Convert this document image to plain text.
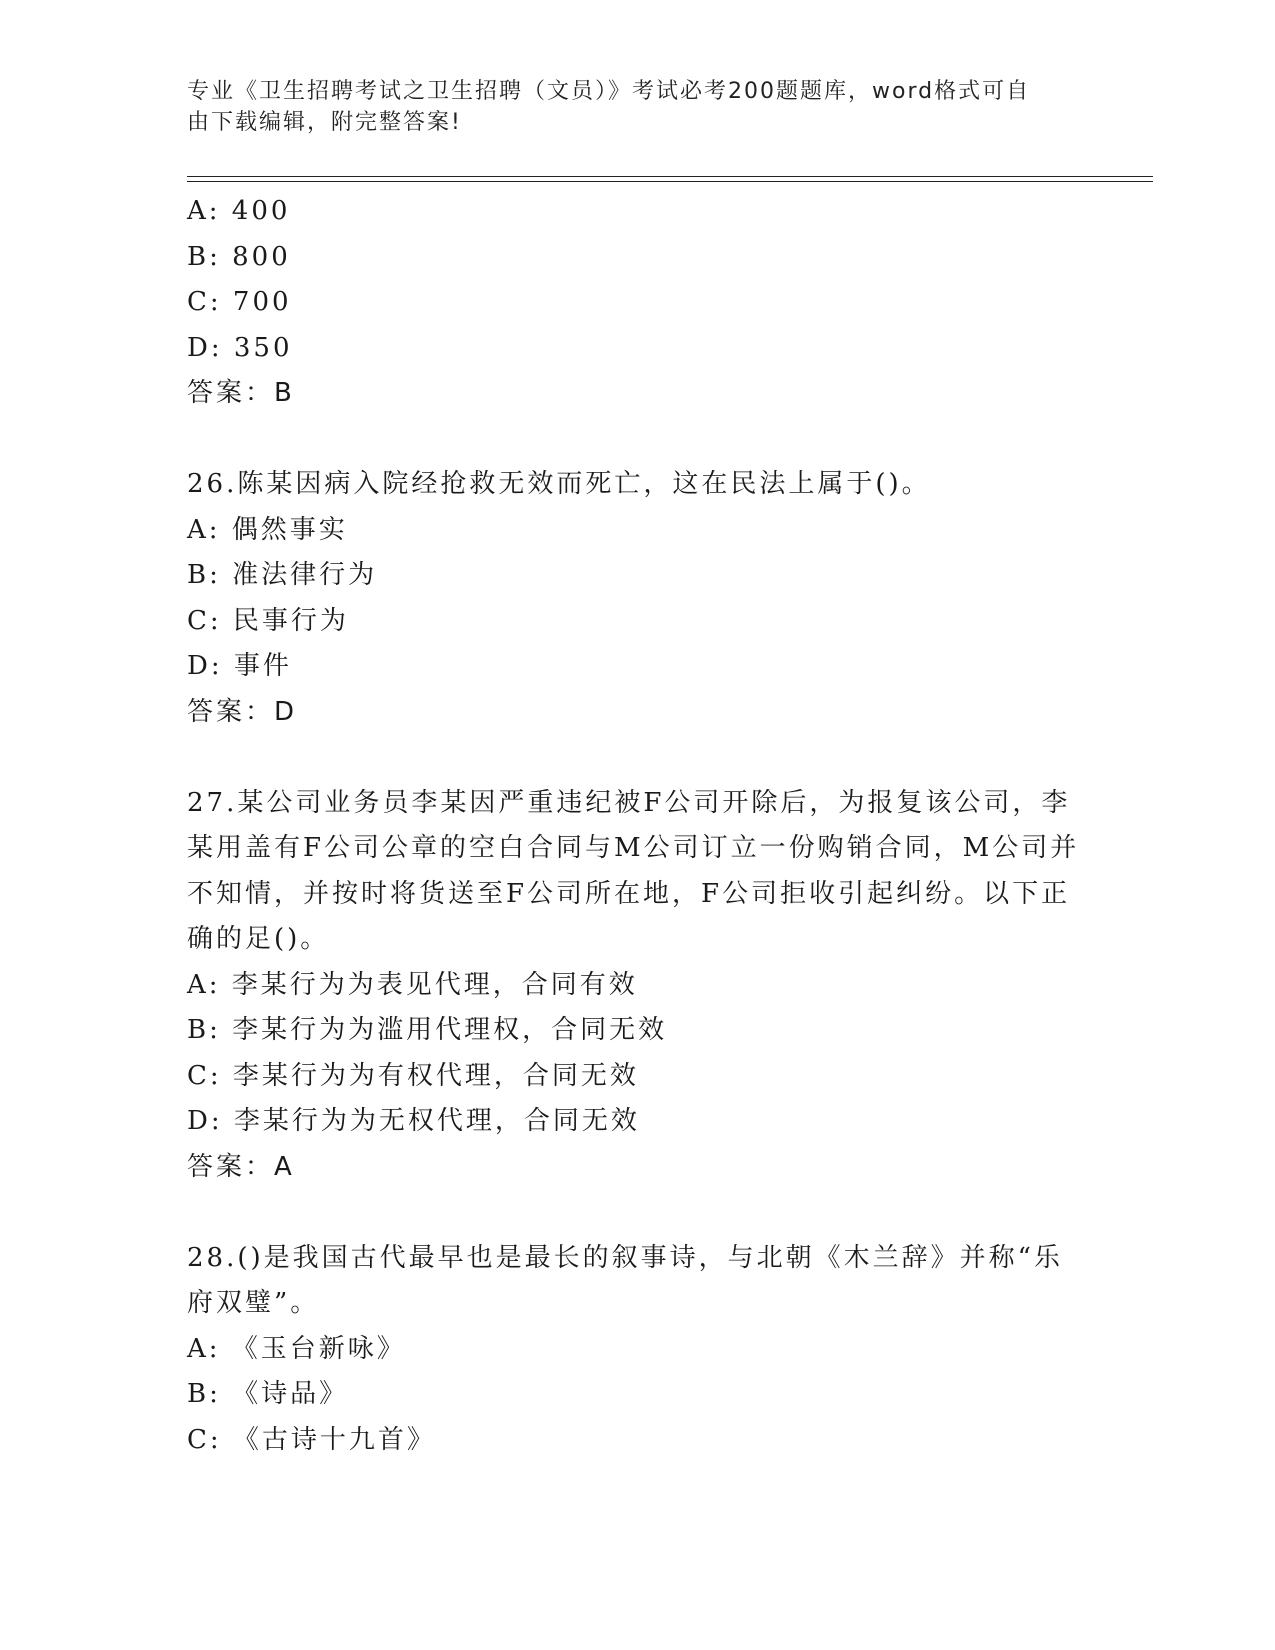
专业《卫生招聘考试之卫生招聘（文员）》考试必考200题题库，word格式可自
由下载编辑，附完整答案!
A: 400
B: 800
C: 700
D: 350
答案：B
26.陈某因病入院经抢救无效而死亡，这在民法上属于()。
A: 偶然事实
B: 准法律行为
C: 民事行为
D: 事件
答案：D
27.某公司业务员李某因严重违纪被F公司开除后，为报复该公司，李
某用盖有F公司公章的空白合同与M公司订立一份购销合同，M公司并
不知情，并按时将货送至F公司所在地，F公司拒收引起纠纷。以下正
确的足()。
A: 李某行为为表见代理，合同有效
B: 李某行为为滥用代理权，合同无效
C: 李某行为为有权代理，合同无效
D: 李某行为为无权代理，合同无效
答案：A
28.()是我国古代最早也是最长的叙事诗，与北朝《木兰辞》并称“乐
府双璧”。
A: 《玉台新咏》
B: 《诗品》
C: 《古诗十九首》
